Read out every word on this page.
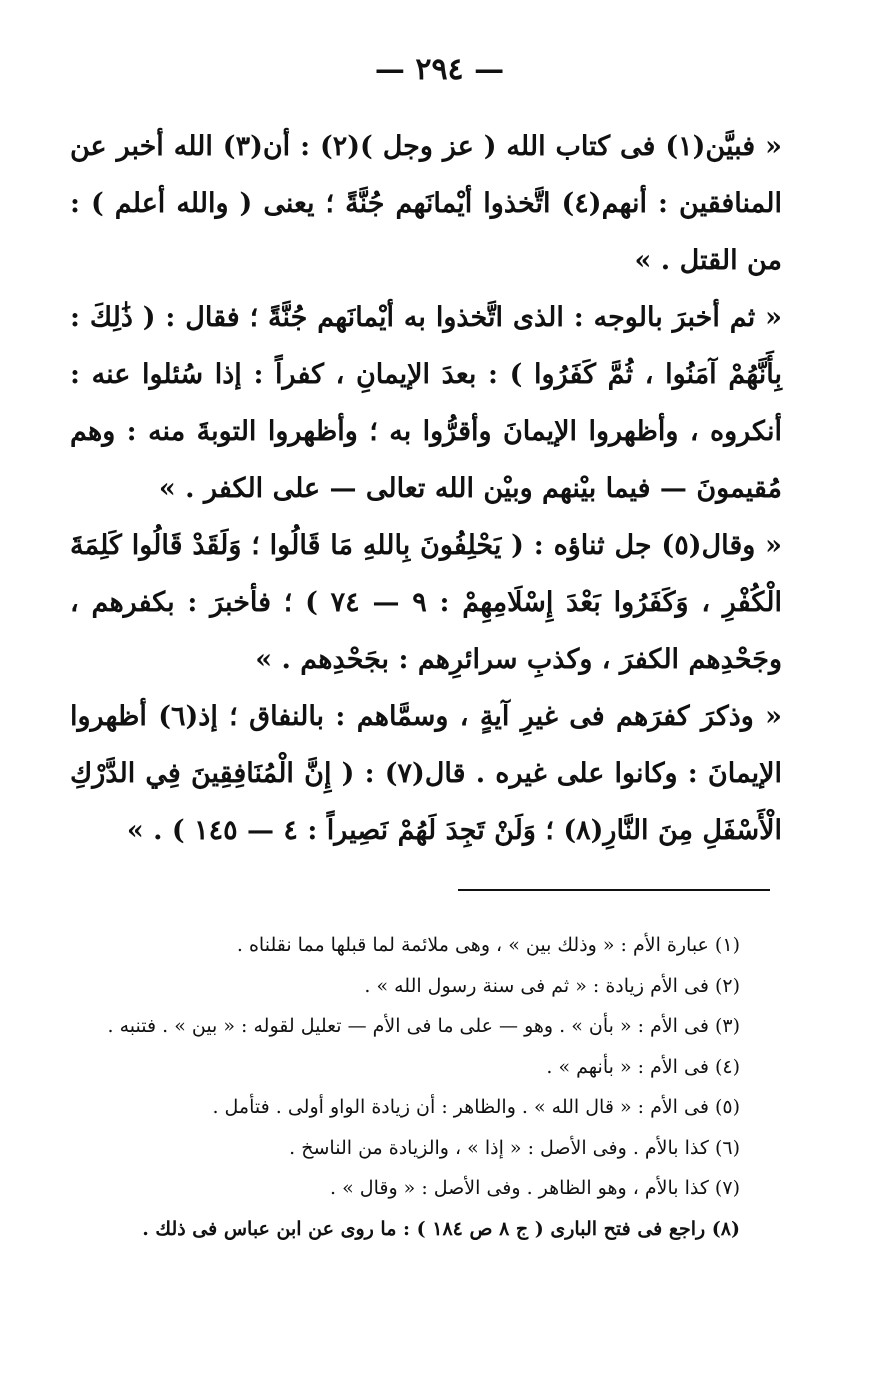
— ٢٩٤ —

« فبيَّن(١) فى كتاب الله ( عز وجل )(٢) : أن(٣) الله أخبر عن المنافقين : أنهم(٤) اتَّخذوا أيْمانَهم جُنَّةً ؛ يعنى ( والله أعلم ) : من القتل . »

« ثم أخبرَ بالوجه : الذى اتَّخذوا به أيْمانَهم جُنَّةً ؛ فقال : ( ذَٰلِكَ : بِأَنَّهُمْ آمَنُوا ، ثُمَّ كَفَرُوا ) : بعدَ الإيمانِ ، كفراً : إذا سُئلوا عنه : أنكروه ، وأظهروا الإيمانَ وأقرُّوا به ؛ وأظهروا التوبةَ منه : وهم مُقيمونَ — فيما بيْنهم وبيْن الله تعالى — على الكفر . »

« وقال(٥) جل ثناؤه : ( يَحْلِفُونَ بِاللهِ مَا قَالُوا ؛ وَلَقَدْ قَالُوا كَلِمَةَ الْكُفْرِ ، وَكَفَرُوا بَعْدَ إِسْلَامِهِمْ : ٩ — ٧٤ ) ؛ فأخبرَ : بكفرهم ، وجَحْدِهم الكفرَ ، وكذبِ سرائرِهم : بجَحْدِهم . »

« وذكرَ كفرَهم فى غيرِ آيةٍ ، وسمَّاهم : بالنفاق ؛ إذ(٦) أظهروا الإيمانَ : وكانوا على غيره . قال(٧) : ( إِنَّ الْمُنَافِقِينَ فِي الدَّرْكِ الْأَسْفَلِ مِنَ النَّارِ(٨) ؛ وَلَنْ تَجِدَ لَهُمْ نَصِيراً : ٤ — ١٤٥ ) . »

(١) عبارة الأم : « وذلك بين » ، وهى ملائمة لما قبلها مما نقلناه .

(٢) فى الأم زيادة : « ثم فى سنة رسول الله » .

(٣) فى الأم : « بأن » . وهو — على ما فى الأم — تعليل لقوله : « بين » . فتنبه .

(٤) فى الأم : « بأنهم » .

(٥) فى الأم : « قال الله » . والظاهر : أن زيادة الواو أولى . فتأمل .

(٦) كذا بالأم . وفى الأصل : « إذا » ، والزيادة من الناسخ .

(٧) كذا بالأم ، وهو الظاهر . وفى الأصل : « وقال » .

(٨) راجع فى فتح البارى ( ج ٨ ص ١٨٤ ) : ما روى عن ابن عباس فى ذلك .
